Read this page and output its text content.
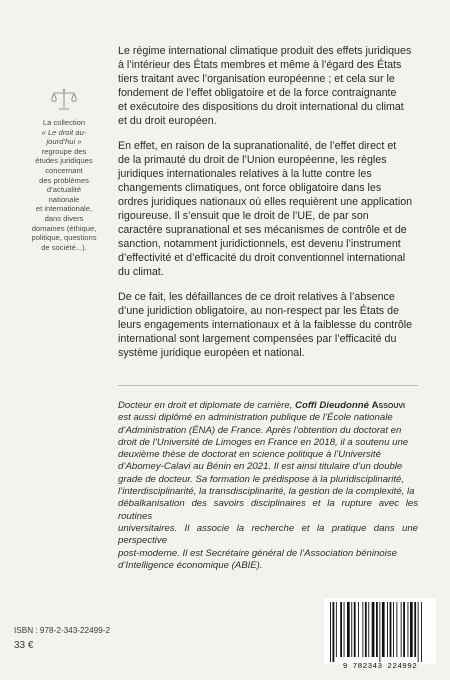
La collection
« Le droit au-
jourd’hui »
regroupe des
études juridiques
concernant
des problèmes
d’actualité
nationale
et internationale,
dans divers
domaines (éthique,
politique, questions
de société...).
Le régime international climatique produit des effets juridiques
à l’intérieur des États membres et même à l’égard des États
tiers traitant avec l’organisation européenne ; et cela sur le
fondement de l’effet obligatoire et de la force contraignante
et exécutoire des dispositions du droit international du climat
et du droit européen.
En effet, en raison de la supranationalité, de l’effet direct et
de la primauté du droit de l’Union européenne, les règles
juridiques internationales relatives à la lutte contre les
changements climatiques, ont force obligatoire dans les
ordres juridiques nationaux où elles requièrent une application
rigoureuse. Il s’ensuit que le droit de l’UE, de par son
caractère supranational et ses mécanismes de contrôle et de
sanction, notamment juridictionnels, est devenu l’instrument
d’effectivité et d’efficacité du droit conventionnel international
du climat.
De ce fait, les défaillances de ce droit relatives à l’absence
d’une juridiction obligatoire, au non-respect par les États de
leurs engagements internationaux et à la faiblesse du contrôle
international sont largement compensées par l’efficacité du
système juridique européen et national.
Docteur en droit et diplomate de carrière, Coffi Dieudonné Assouvi
est aussi diplômé en administration publique de l’École nationale
d’Administration (ÉNA) de France. Après l’obtention du doctorat en
droit de l’Université de Limoges en France en 2018, il a soutenu une
deuxième thèse de doctorat en science politique à l’Université
d’Abomey-Calavi au Bénin en 2021. Il est ainsi titulaire d’un double
grade de docteur. Sa formation le prédispose à la pluridisciplinarité,
l’interdisciplinarité, la transdisciplinarité, la gestion de la complexité, la
débalkanisation des savoirs disciplinaires et la rupture avec les routines
universitaires. Il associe la recherche et la pratique dans une perspective
post-moderne. Il est Secrétaire général de l’Association béninoise
d’Intelligence économique (ABIE).
ISBN : 978-2-343-22499-2
33 €
9 782343 224992
